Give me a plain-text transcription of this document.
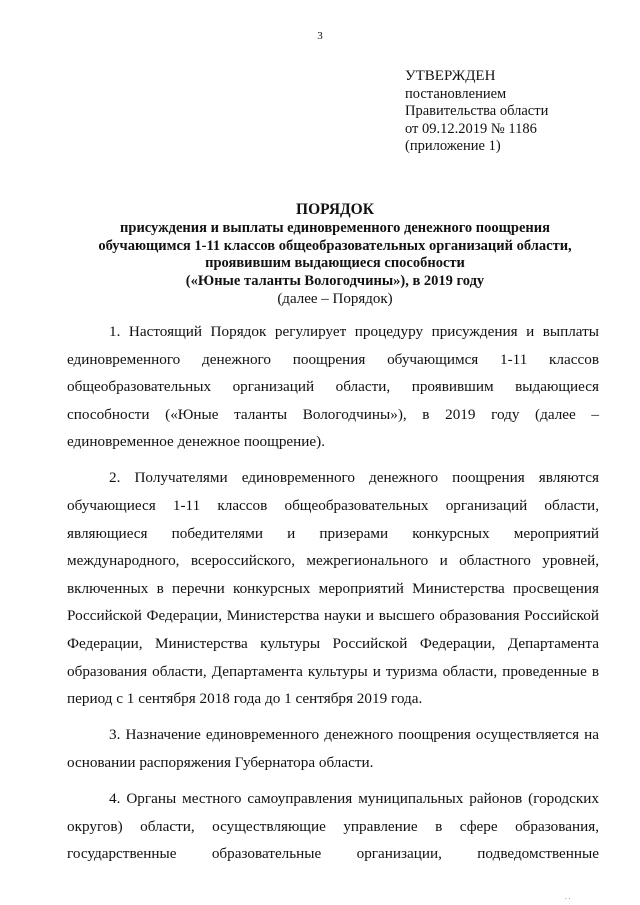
3
УТВЕРЖДЕН
постановлением
Правительства области
от 09.12.2019 № 1186
(приложение 1)
ПОРЯДОК
присуждения и выплаты единовременного денежного поощрения
обучающимся 1-11 классов общеобразовательных организаций области,
проявившим выдающиеся способности
(«Юные таланты Вологодчины»), в 2019 году
(далее – Порядок)
1. Настоящий Порядок регулирует процедуру присуждения и выплаты
единовременного денежного поощрения обучающимся 1-11 классов
общеобразовательных организаций области, проявившим выдающиеся
способности («Юные таланты Вологодчины»), в 2019 году (далее –
единовременное денежное поощрение).
2. Получателями единовременного денежного поощрения являются
обучающиеся 1-11 классов общеобразовательных организаций области,
являющиеся победителями и призерами конкурсных мероприятий
международного, всероссийского, межрегионального и областного уровней,
включенных в перечни конкурсных мероприятий Министерства просвещения
Российской Федерации, Министерства науки и высшего образования Российской
Федерации, Министерства культуры Российской Федерации, Департамента
образования области, Департамента культуры и туризма области, проведенные в
период с 1 сентября 2018 года до 1 сентября 2019 года.
3. Назначение единовременного денежного поощрения осуществляется на
основании распоряжения Губернатора области.
4. Органы местного самоуправления муниципальных районов (городских
округов) области, осуществляющие управление в сфере образования,
государственные образовательные организации, подведомственные
. .
